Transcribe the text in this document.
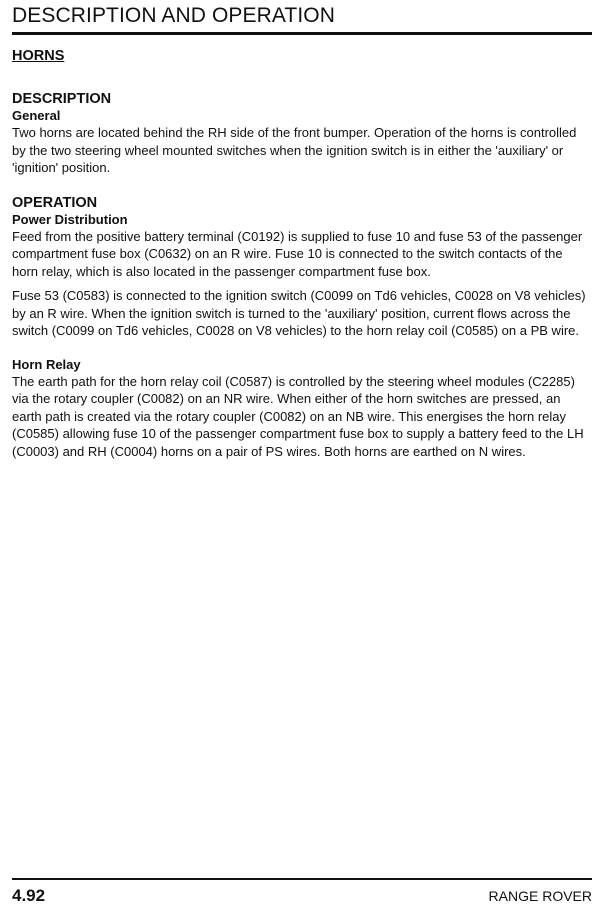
DESCRIPTION AND OPERATION
HORNS
DESCRIPTION
General

Two horns are located behind the RH side of the front bumper. Operation of the horns is controlled by the two steering wheel mounted switches when the ignition switch is in either the 'auxiliary' or 'ignition' position.

OPERATION
Power Distribution

Feed from the positive battery terminal (C0192) is supplied to fuse 10 and fuse 53 of the passenger compartment fuse box (C0632) on an R wire. Fuse 10 is connected to the switch contacts of the horn relay, which is also located in the passenger compartment fuse box.

Fuse 53 (C0583) is connected to the ignition switch (C0099 on Td6 vehicles, C0028 on V8 vehicles) by an R wire. When the ignition switch is turned to the 'auxiliary' position, current flows across the switch (C0099 on Td6 vehicles, C0028 on V8 vehicles) to the horn relay coil (C0585) on a PB wire.

Horn Relay

The earth path for the horn relay coil (C0587) is controlled by the steering wheel modules (C2285) via the rotary coupler (C0082) on an NR wire. When either of the horn switches are pressed, an earth path is created via the rotary coupler (C0082) on an NB wire. This energises the horn relay (C0585) allowing fuse 10 of the passenger compartment fuse box to supply a battery feed to the LH (C0003) and RH (C0004) horns on a pair of PS wires. Both horns are earthed on N wires.

4.92	RANGE ROVER
